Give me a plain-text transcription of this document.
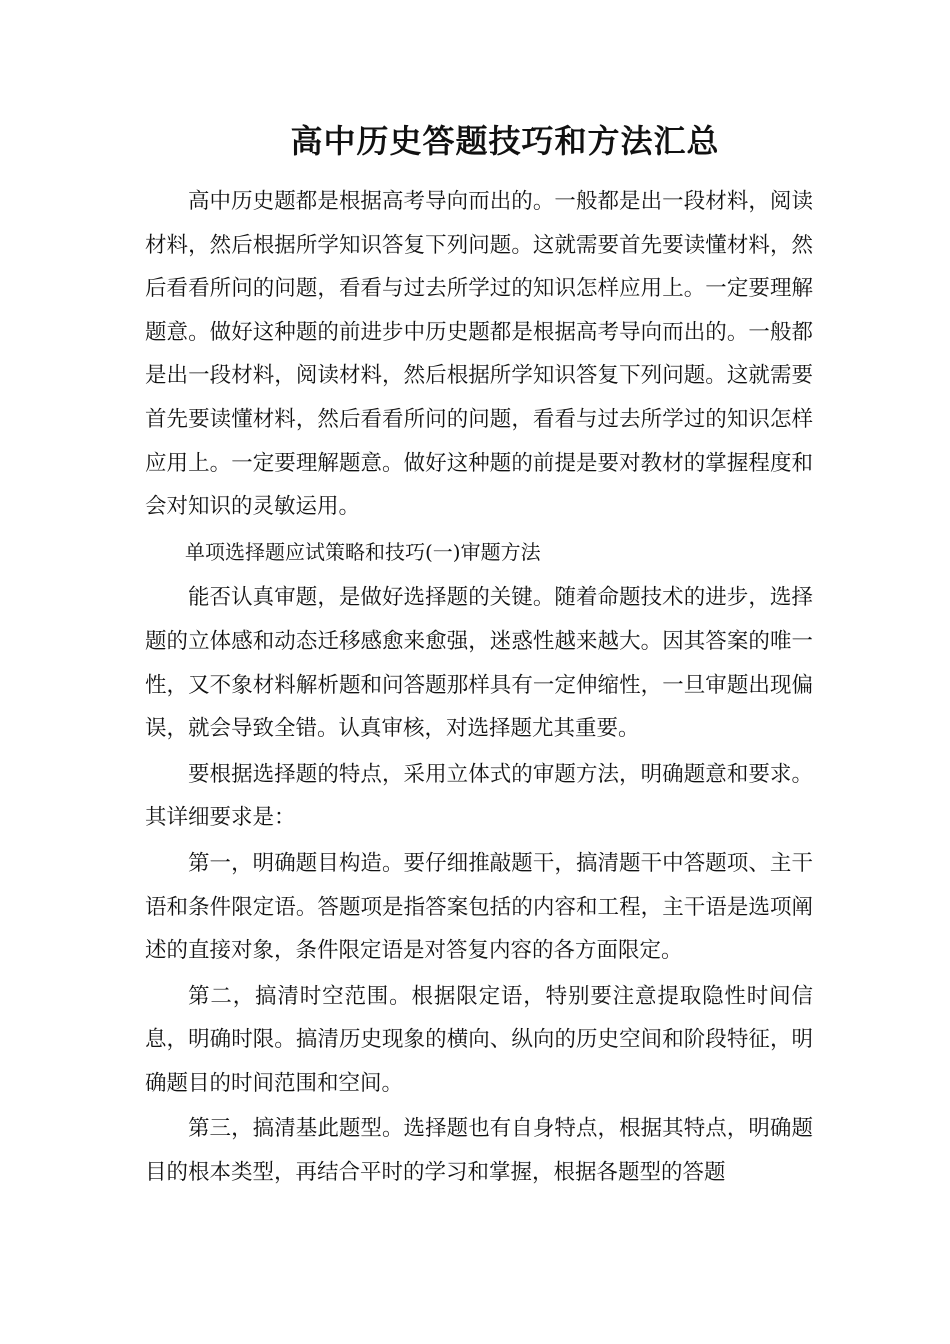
高中历史答题技巧和方法汇总

高中历史题都是根据高考导向而出的。一般都是出一段材料，阅读材料，然后根据所学知识答复下列问题。这就需要首先要读懂材料，然后看看所问的问题，看看与过去所学过的知识怎样应用上。一定要理解题意。做好这种题的前进步中历史题都是根据高考导向而出的。一般都是出一段材料，阅读材料，然后根据所学知识答复下列问题。这就需要首先要读懂材料，然后看看所问的问题，看看与过去所学过的知识怎样应用上。一定要理解题意。做好这种题的前提是要对教材的掌握程度和会对知识的灵敏运用。

单项选择题应试策略和技巧(一)审题方法

能否认真审题，是做好选择题的关键。随着命题技术的进步，选择题的立体感和动态迁移感愈来愈强，迷惑性越来越大。因其答案的唯一性，又不象材料解析题和问答题那样具有一定伸缩性，一旦审题出现偏误，就会导致全错。认真审核，对选择题尤其重要。

要根据选择题的特点，采用立体式的审题方法，明确题意和要求。其详细要求是：

第一，明确题目构造。要仔细推敲题干，搞清题干中答题项、主干语和条件限定语。答题项是指答案包括的内容和工程，主干语是选项阐述的直接对象，条件限定语是对答复内容的各方面限定。

第二，搞清时空范围。根据限定语，特别要注意提取隐性时间信息，明确时限。搞清历史现象的横向、纵向的历史空间和阶段特征，明确题目的时间范围和空间。

第三，搞清基此题型。选择题也有自身特点，根据其特点，明确题目的根本类型，再结合平时的学习和掌握，根据各题型的答题
